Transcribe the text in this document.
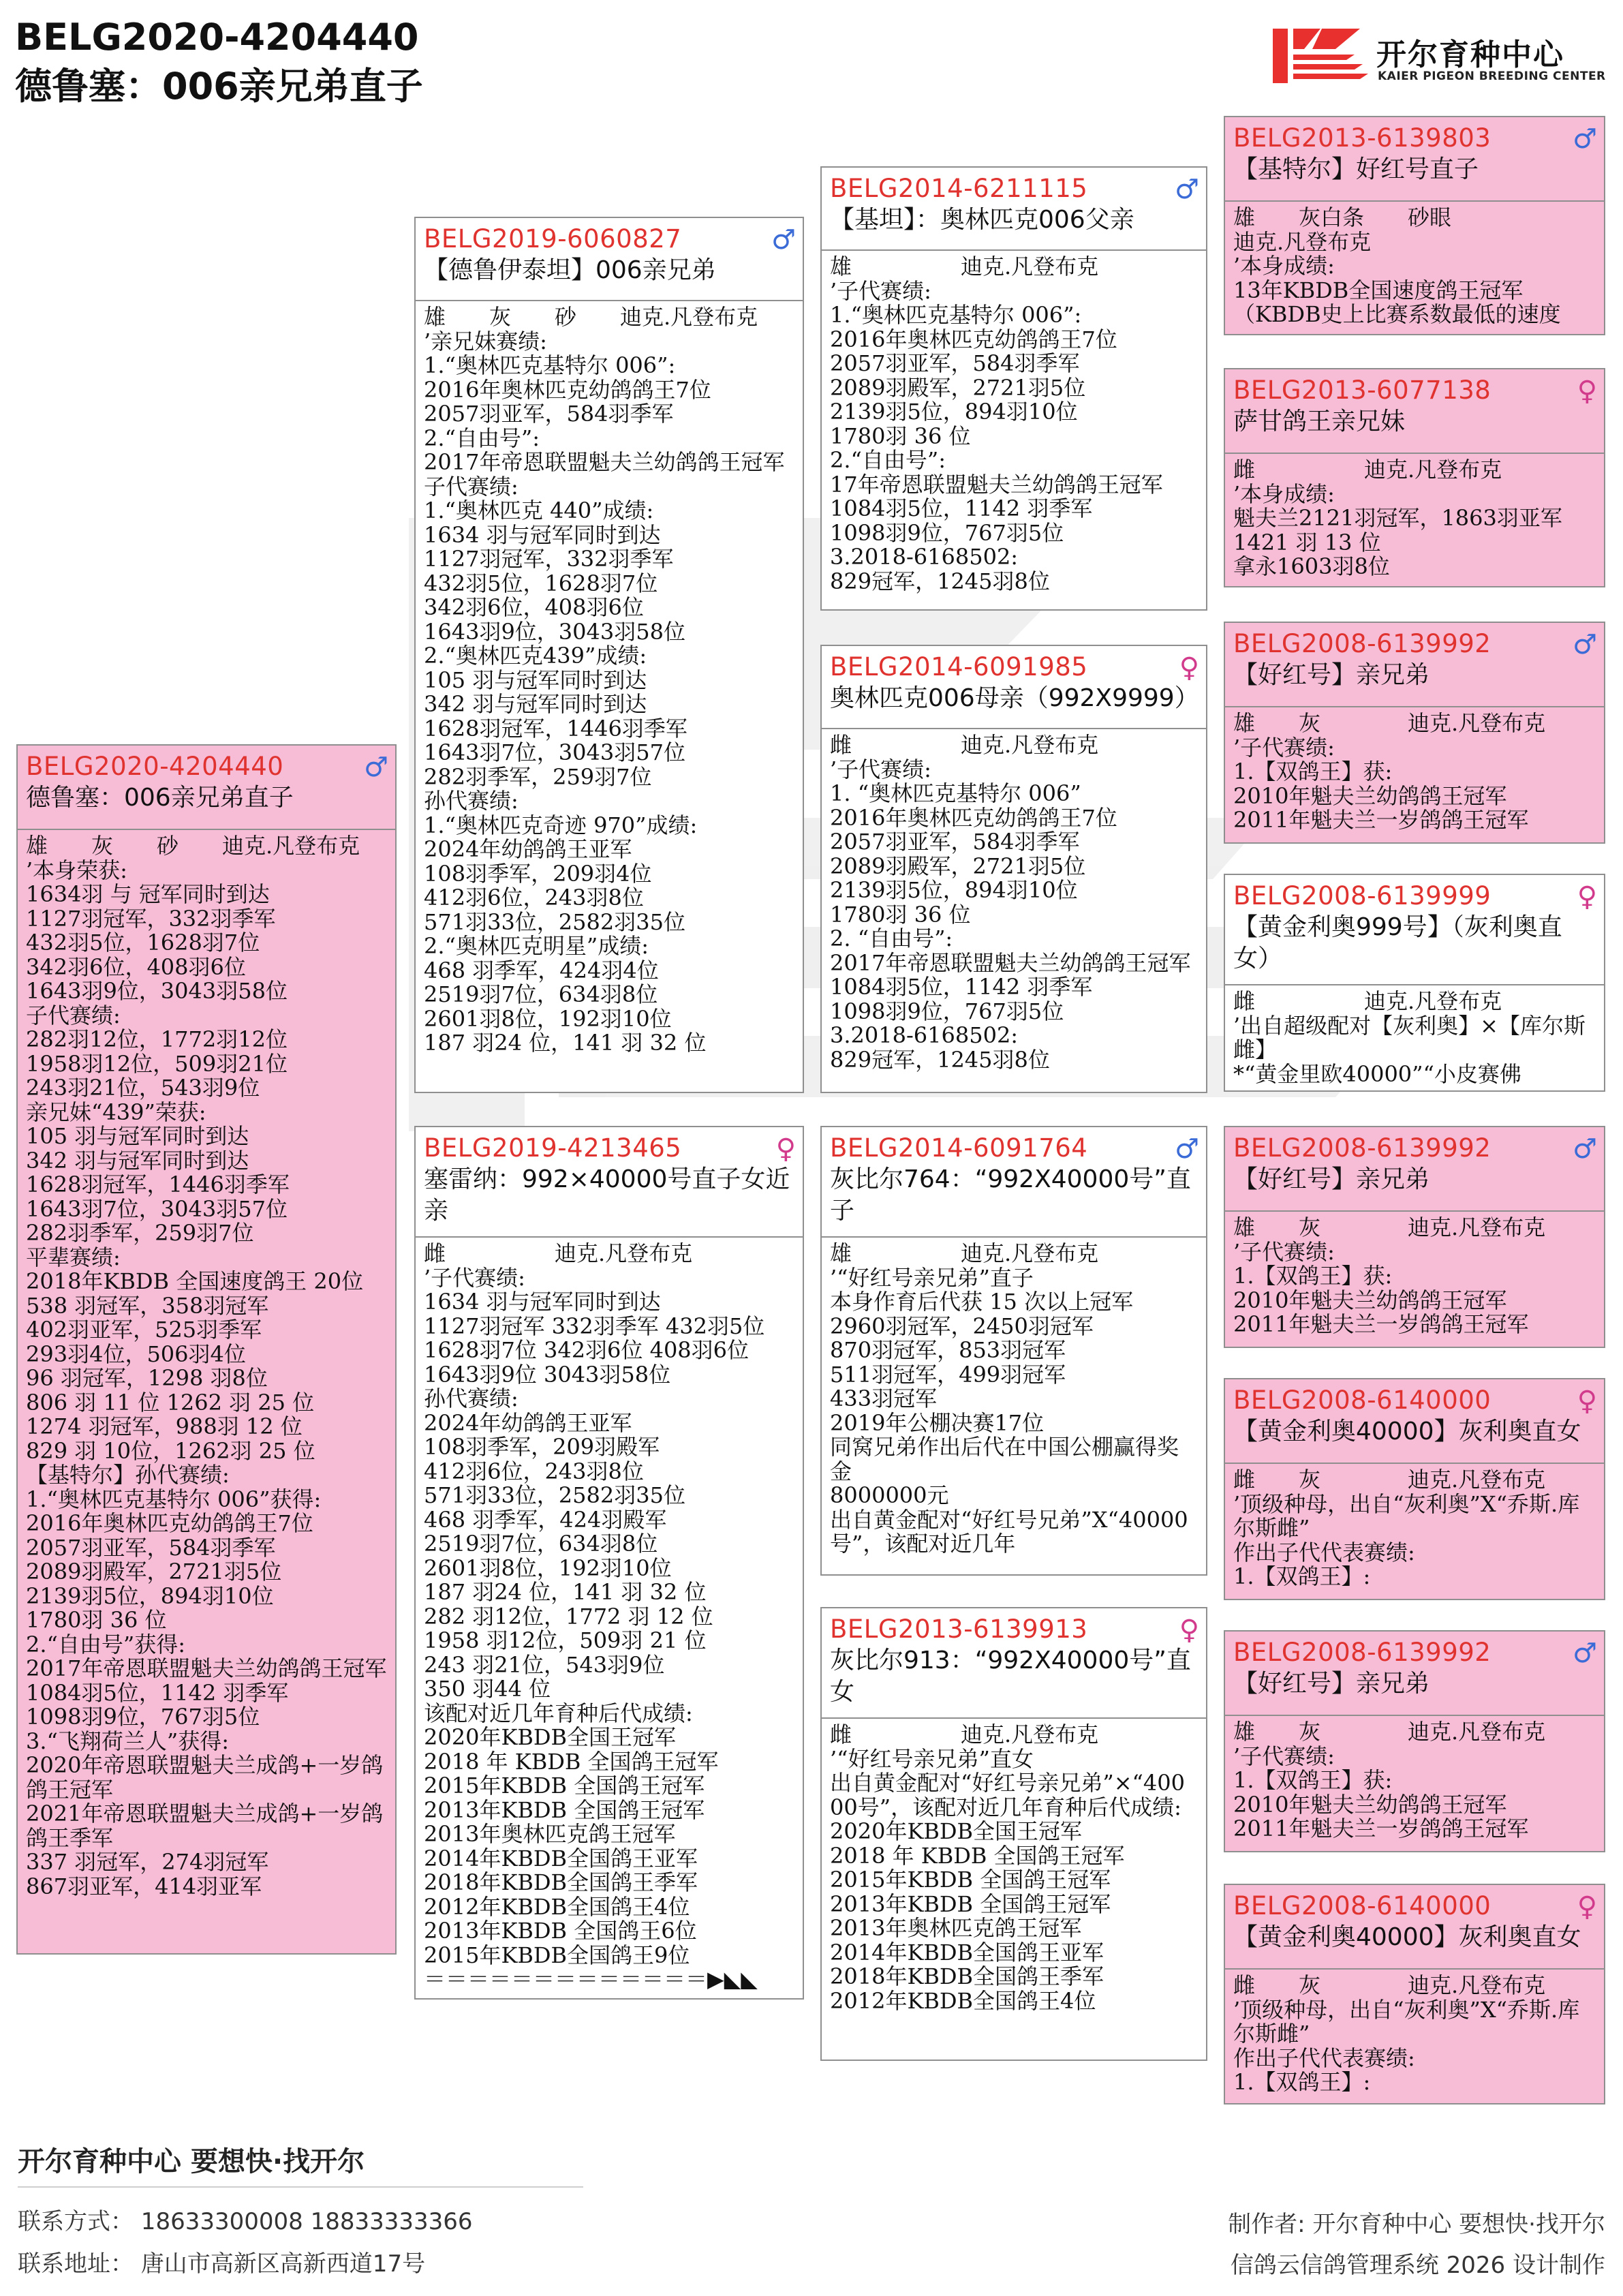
BELG2020-4204440
德鲁塞：006亲兄弟直子
开尔育种中心
KAIER PIGEON BREEDING CENTER
BELG2020-4204440	♂
德鲁塞：006亲兄弟直子
雄　　灰　　砂　　迪克.凡登布克
’本身荣获:
1634羽 与 冠军同时到达
1127羽冠军，332羽季军
432羽5位，1628羽7位
342羽6位，408羽6位
1643羽9位，3043羽58位
子代赛绩:
282羽12位，1772羽12位
1958羽12位，509羽21位
243羽21位，543羽9位
亲兄妹“439”荣获:
105 羽与冠军同时到达
342 羽与冠军同时到达
1628羽冠军，1446羽季军
1643羽7位，3043羽57位
282羽季军，259羽7位
平辈赛绩:
2018年KBDB 全国速度鸽王 20位
538 羽冠军，358羽冠军
402羽亚军，525羽季军
293羽4位，506羽4位
96 羽冠军，1298 羽8位
806 羽 11 位 1262 羽 25 位
1274 羽冠军，988羽 12 位
829 羽 10位，1262羽 25 位
【基特尔】孙代赛绩:
1.“奥林匹克基特尔 006”获得:
2016年奥林匹克幼鸽鸽王7位
2057羽亚军，584羽季军
2089羽殿军，2721羽5位
2139羽5位，894羽10位
1780羽 36 位
2.“自由号”获得:
2017年帝恩联盟魁夫兰幼鸽鸽王冠军
1084羽5位，1142 羽季军
1098羽9位，767羽5位
3.“飞翔荷兰人”获得:
2020年帝恩联盟魁夫兰成鸽+一岁鸽鸽王冠军
2021年帝恩联盟魁夫兰成鸽+一岁鸽鸽王季军
337 羽冠军，274羽冠军
867羽亚军，414羽亚军
BELG2019-6060827	♂
【德鲁伊泰坦】006亲兄弟
雄　　灰　　砂　　迪克.凡登布克
’亲兄妹赛绩:
1.“奥林匹克基特尔 006”:
2016年奥林匹克幼鸽鸽王7位
2057羽亚军，584羽季军
2.“自由号”:
2017年帝恩联盟魁夫兰幼鸽鸽王冠军
子代赛绩:
1.“奥林匹克 440”成绩:
1634 羽与冠军同时到达
1127羽冠军，332羽季军
432羽5位，1628羽7位
342羽6位，408羽6位
1643羽9位，3043羽58位
2.“奥林匹克439”成绩:
105 羽与冠军同时到达
342 羽与冠军同时到达
1628羽冠军，1446羽季军
1643羽7位，3043羽57位
282羽季军，259羽7位
孙代赛绩:
1.“奥林匹克奇迹 970”成绩:
2024年幼鸽鸽王亚军
108羽季军，209羽4位
412羽6位，243羽8位
571羽33位，2582羽35位
2.“奥林匹克明星”成绩:
468 羽季军，424羽4位
2519羽7位，634羽8位
2601羽8位，192羽10位
187 羽24 位，141 羽 32 位
BELG2019-4213465	♀
塞雷纳：992×40000号直子女近亲
雌　　　　　迪克.凡登布克
’子代赛绩:
1634 羽与冠军同时到达
1127羽冠军 332羽季军 432羽5位
1628羽7位 342羽6位 408羽6位
1643羽9位 3043羽58位
孙代赛绩:
2024年幼鸽鸽王亚军
108羽季军，209羽殿军
412羽6位，243羽8位
571羽33位，2582羽35位
468 羽季军，424羽殿军
2519羽7位，634羽8位
2601羽8位，192羽10位
187 羽24 位，141 羽 32 位
282 羽12位，1772 羽 12 位
1958 羽12位，509羽 21 位
243 羽21位，543羽9位
350 羽44 位
该配对近几年育种后代成绩:
2020年KBDB全国王冠军
2018 年 KBDB 全国鸽王冠军
2015年KBDB 全国鸽王冠军
2013年KBDB 全国鸽王冠军
2013年奥林匹克鸽王冠军
2014年KBDB全国鸽王亚军
2018年KBDB全国鸽王季军
2012年KBDB全国鸽王4位
2013年KBDB 全国鸽王6位
2015年KBDB全国鸽王9位
＝＝＝＝＝＝＝＝＝＝＝＝＝▶◣◣
BELG2014-6211115	♂
【基坦】：奥林匹克006父亲
雄　　　　　迪克.凡登布克
’子代赛绩:
1.“奥林匹克基特尔 006”:
2016年奥林匹克幼鸽鸽王7位
2057羽亚军，584羽季军
2089羽殿军，2721羽5位
2139羽5位，894羽10位
1780羽 36 位
2.“自由号”:
17年帝恩联盟魁夫兰幼鸽鸽王冠军
1084羽5位，1142 羽季军
1098羽9位，767羽5位
3.2018-6168502:
829冠军，1245羽8位
BELG2014-6091985	♀
奥林匹克006母亲（992X9999）
雌　　　　　迪克.凡登布克
’子代赛绩:
1. “奥林匹克基特尔 006”
2016年奥林匹克幼鸽鸽王7位
2057羽亚军，584羽季军
2089羽殿军，2721羽5位
2139羽5位，894羽10位
1780羽 36 位
2. “自由号”:
2017年帝恩联盟魁夫兰幼鸽鸽王冠军
1084羽5位，1142 羽季军
1098羽9位，767羽5位
3.2018-6168502:
829冠军，1245羽8位
BELG2014-6091764	♂
灰比尔764：“992X40000号”直子
雄　　　　　迪克.凡登布克
’“好红号亲兄弟”直子
本身作育后代获 15 次以上冠军
2960羽冠军，2450羽冠军
870羽冠军，853羽冠军
511羽冠军，499羽冠军
433羽冠军
2019年公棚决赛17位
同窝兄弟作出后代在中国公棚赢得奖金
8000000元
出自黄金配对“好红号兄弟”X“40000号”，该配对近几年
BELG2013-6139913	♀
灰比尔913：“992X40000号”直女
雌　　　　　迪克.凡登布克
’“好红号亲兄弟”直女
出自黄金配对“好红号亲兄弟”×“40000号”，该配对近几年育种后代成绩:
2020年KBDB全国王冠军
2018 年 KBDB 全国鸽王冠军
2015年KBDB 全国鸽王冠军
2013年KBDB 全国鸽王冠军
2013年奥林匹克鸽王冠军
2014年KBDB全国鸽王亚军
2018年KBDB全国鸽王季军
2012年KBDB全国鸽王4位
BELG2013-6139803	♂
【基特尔】好红号直子
雄　　灰白条　　砂眼
迪克.凡登布克
’本身成绩:
13年KBDB全国速度鸽王冠军
（KBDB史上比赛系数最低的速度
BELG2013-6077138	♀
萨甘鸽王亲兄妹
雌　　　　　迪克.凡登布克
’本身成绩:
魁夫兰2121羽冠军，1863羽亚军
1421 羽 13 位
拿永1603羽8位
BELG2008-6139992	♂
【好红号】亲兄弟
雄　　灰　　　　迪克.凡登布克
’子代赛绩:
1.【双鸽王】获:
2010年魁夫兰幼鸽鸽王冠军
2011年魁夫兰一岁鸽鸽王冠军
BELG2008-6139999	♀
【黄金利奥999号】（灰利奥直女）
雌　　　　　迪克.凡登布克
’出自超级配对【灰利奥】×【库尔斯雌】
*“黄金里欧40000”“小皮赛佛
BELG2008-6139992	♂
【好红号】亲兄弟
雄　　灰　　　　迪克.凡登布克
’子代赛绩:
1.【双鸽王】获:
2010年魁夫兰幼鸽鸽王冠军
2011年魁夫兰一岁鸽鸽王冠军
BELG2008-6140000	♀
【黄金利奥40000】灰利奥直女
雌　　灰　　　　迪克.凡登布克
’顶级种母，出自“灰利奥”X“乔斯.库尔斯雌”
作出子代代表赛绩:
1.【双鸽王】:
BELG2008-6139992	♂
【好红号】亲兄弟
雄　　灰　　　　迪克.凡登布克
’子代赛绩:
1.【双鸽王】获:
2010年魁夫兰幼鸽鸽王冠军
2011年魁夫兰一岁鸽鸽王冠军
BELG2008-6140000	♀
【黄金利奥40000】灰利奥直女
雌　　灰　　　　迪克.凡登布克
’顶级种母，出自“灰利奥”X“乔斯.库尔斯雌”
作出子代代表赛绩:
1.【双鸽王】:
开尔育种中心 要想快·找开尔
联系方式： 18633300008 18833333366
联系地址： 唐山市高新区高新西道17号
制作者: 开尔育种中心 要想快·找开尔
信鸽云信鸽管理系统 2026 设计制作
